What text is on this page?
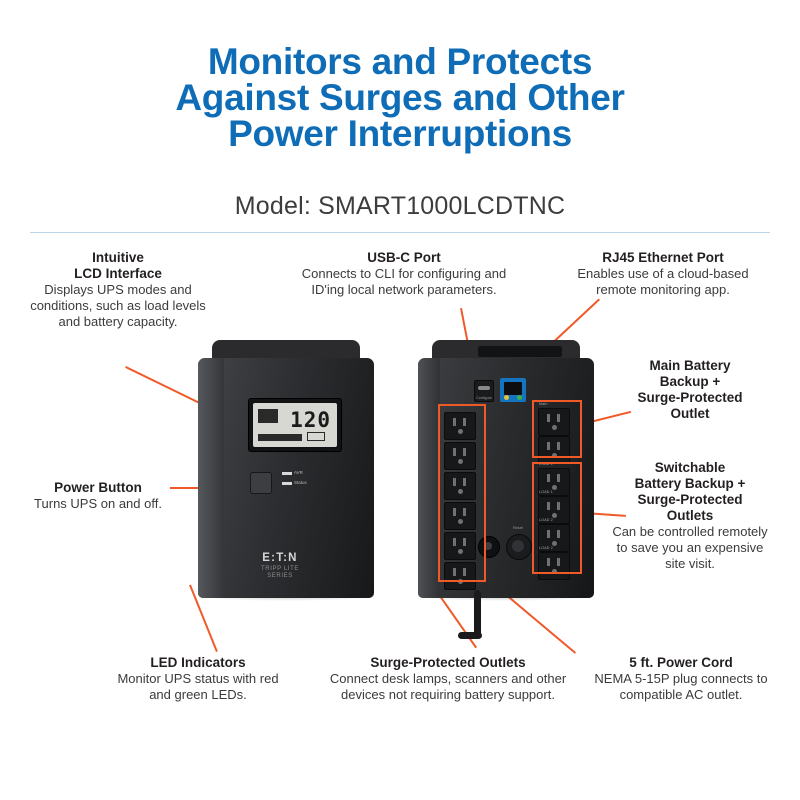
Monitors and Protects
Against Surges and Other
Power Interruptions
Model: SMART1000LCDTNC
120
AVR
Status
E:T:N
TRIPP LITE
SERIES
Configure
Main
LOAD 1
LOAD 1
LOAD 2
LOAD 2
Reset
Intuitive
LCD Interface
Displays UPS modes and conditions, such as load levels and battery capacity.
USB-C Port
Connects to CLI for configuring and ID'ing local network parameters.
RJ45 Ethernet Port
Enables use of a cloud-based remote monitoring app.
Main Battery
Backup +
Surge-Protected
Outlet
Switchable
Battery Backup +
Surge-Protected
Outlets
Can be controlled remotely to save you an expensive site visit.
Power Button
Turns UPS on and off.
LED Indicators
Monitor UPS status with red and green LEDs.
Surge-Protected Outlets
Connect desk lamps, scanners and other devices not requiring battery support.
5 ft. Power Cord
NEMA 5-15P plug connects to compatible AC outlet.
